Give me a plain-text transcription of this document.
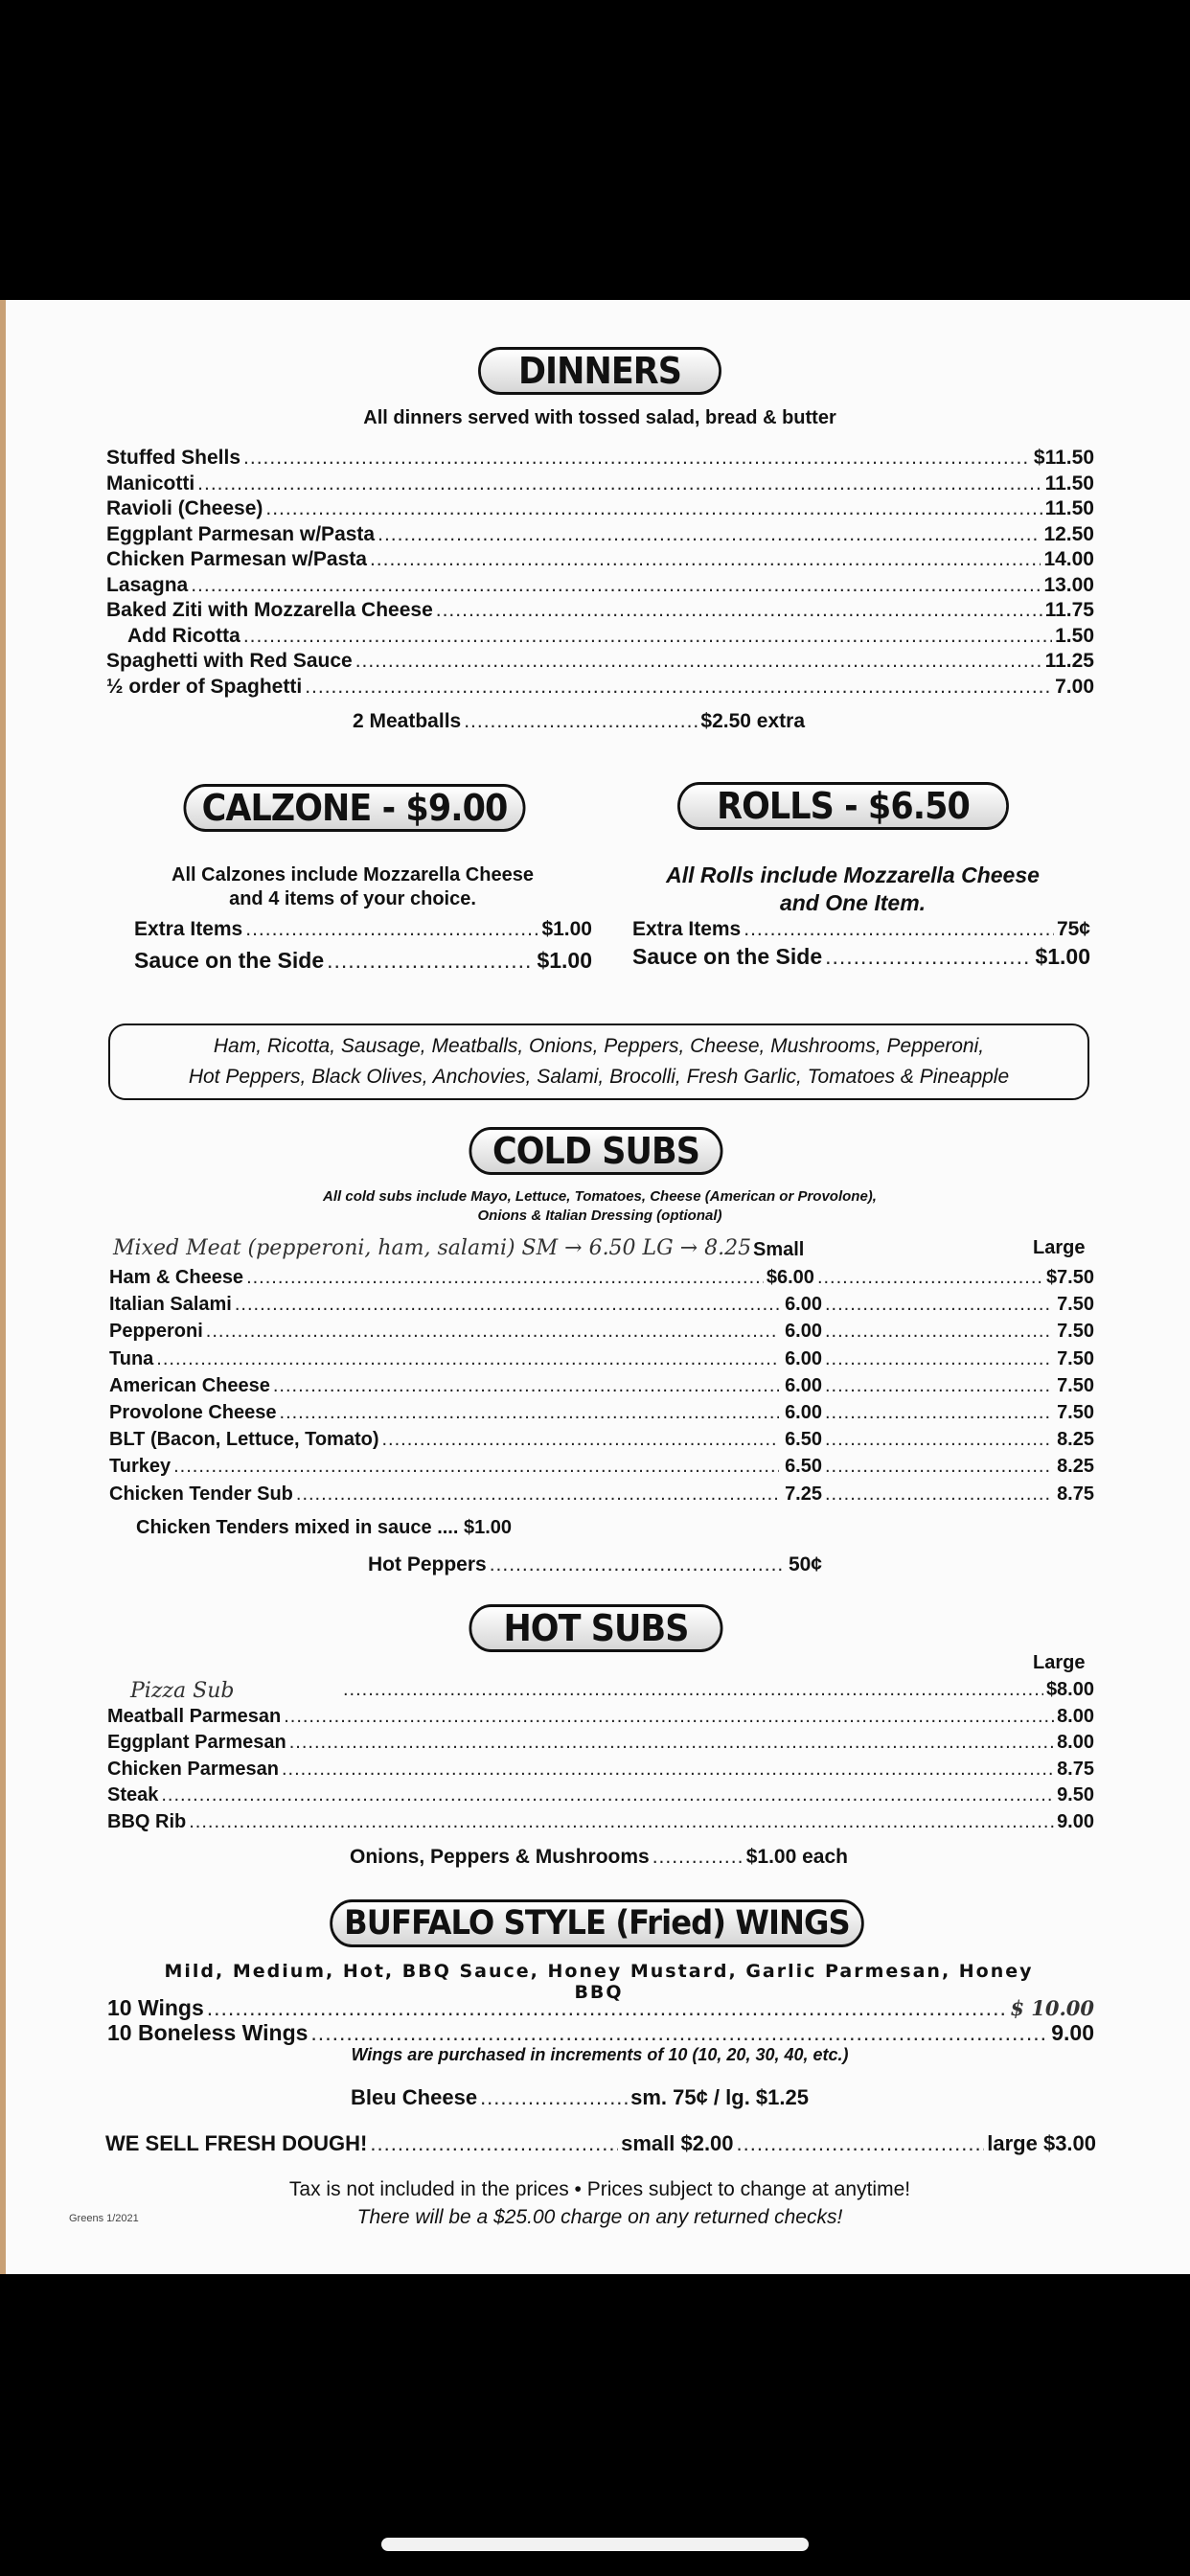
DINNERS
All dinners served with tossed salad, bread & butter
Stuffed Shells .....	$11.50
Manicotti .....	11.50
Ravioli (Cheese) .....	11.50
Eggplant Parmesan w/Pasta .....	12.50
Chicken Parmesan w/Pasta .....	14.00
Lasagna .....	13.00
Baked Ziti with Mozzarella Cheese .....	11.75
Add Ricotta .....	1.50
Spaghetti with Red Sauce .....	11.25
½ order of Spaghetti .....	7.00
2 Meatballs .....	$2.50 extra
CALZONE - $9.00	ROLLS - $6.50
All Calzones include Mozzarella Cheese
and 4 items of your choice.
All Rolls include Mozzarella Cheese
and One Item.
Extra Items .....	$1.00
Sauce on the Side .....	$1.00
Extra Items .....	75¢
Sauce on the Side .....	$1.00
Ham, Ricotta, Sausage, Meatballs, Onions, Peppers, Cheese, Mushrooms, Pepperoni,
Hot Peppers, Black Olives, Anchovies, Salami, Brocolli, Fresh Garlic, Tomatoes & Pineapple
COLD SUBS
All cold subs include Mayo, Lettuce, Tomatoes, Cheese (American or Provolone),
Onions & Italian Dressing (optional)
Mixed Meat (pepperoni, ham, salami) SM → 6.50 LG → 8.25 Small	Large
Ham & Cheese .....	$6.00 .....	$7.50
Italian Salami .....	6.00 .....	7.50
Pepperoni .....	6.00 .....	7.50
Tuna .....	6.00 .....	7.50
American Cheese .....	6.00 .....	7.50
Provolone Cheese .....	6.00 .....	7.50
BLT (Bacon, Lettuce, Tomato) .....	6.50 .....	8.25
Turkey .....	6.50 .....	8.25
Chicken Tender Sub .....	7.25 .....	8.75
Chicken Tenders mixed in sauce .... $1.00
Hot Peppers .....	50¢
HOT SUBS
Large
Pizza Sub .....	$8.00
Meatball Parmesan .....	8.00
Eggplant Parmesan .....	8.00
Chicken Parmesan .....	8.75
Steak .....	9.50
BBQ Rib .....	9.00
Onions, Peppers & Mushrooms .....	$1.00 each
BUFFALO STYLE (Fried) WINGS
Mild, Medium, Hot, BBQ Sauce, Honey Mustard, Garlic Parmesan, Honey BBQ
10 Wings .....	$ 10.00
10 Boneless Wings .....	9.00
Wings are purchased in increments of 10 (10, 20, 30, 40, etc.)
Bleu Cheese .....	sm. 75¢ / lg. $1.25
WE SELL FRESH DOUGH! .....	small $2.00 .....	large $3.00
Tax is not included in the prices • Prices subject to change at anytime!
There will be a $25.00 charge on any returned checks!
Greens 1/2021
